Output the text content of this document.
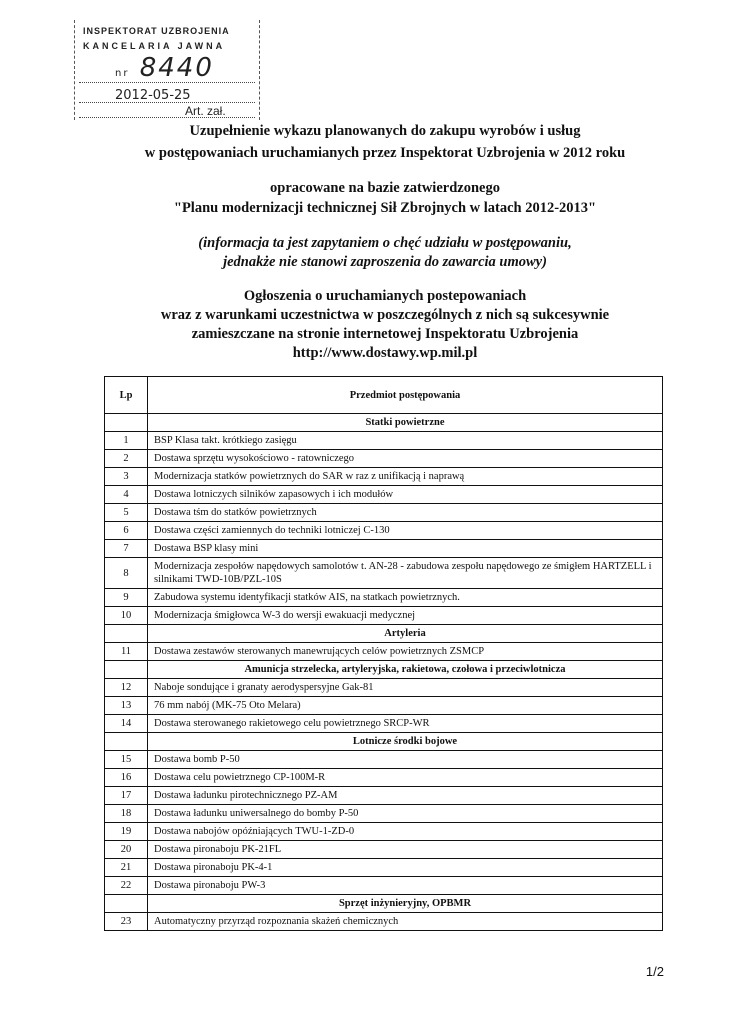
INSPEKTORAT UZBROJENIA
KANCELARIA JAWNA
nr 8440
2012-05-25
Art. zał.

Uzupełnienie wykazu planowanych do zakupu wyrobów i usług

w postępowaniach uruchamianych przez Inspektorat Uzbrojenia w 2012 roku

opracowane na bazie zatwierdzonego

"Planu modernizacji technicznej Sił Zbrojnych w latach 2012-2013"

(informacja ta jest zapytaniem o chęć udziału w postępowaniu,

jednakże nie stanowi zaproszenia do zawarcia umowy)

Ogłoszenia o uruchamianych postepowaniach

wraz z warunkami uczestnictwa w poszczególnych z nich są sukcesywnie

zamieszczane na stronie internetowej Inspektoratu Uzbrojenia

http://www.dostawy.wp.mil.pl

Lp	Przedmiot postępowania
	Statki powietrzne
1	BSP Klasa takt. krótkiego zasięgu
2	Dostawa sprzętu wysokościowo - ratowniczego
3	Modernizacja statków powietrznych do SAR w raz z unifikacją i naprawą
4	Dostawa lotniczych silników zapasowych i ich modułów
5	Dostawa tśm do statków powietrznych
6	Dostawa części zamiennych do techniki lotniczej C-130
7	Dostawa BSP klasy mini
8	Modernizacja zespołów napędowych samolotów t. AN-28 - zabudowa zespołu napędowego ze śmigłem HARTZELL i silnikami TWD-10B/PZL-10S
9	Zabudowa systemu identyfikacji statków AIS, na statkach powietrznych.
10	Modernizacja śmigłowca W-3 do wersji ewakuacji medycznej
	Artyleria
11	Dostawa zestawów sterowanych manewrujących celów powietrznych ZSMCP
	Amunicja strzelecka, artyleryjska, rakietowa, czołowa i przeciwlotnicza
12	Naboje sondujące i granaty aerodyspersyjne Gak-81
13	76 mm nabój (MK-75 Oto Melara)
14	Dostawa sterowanego rakietowego celu powietrznego SRCP-WR
	Lotnicze środki bojowe
15	Dostawa bomb P-50
16	Dostawa celu powietrznego CP-100M-R
17	Dostawa ładunku pirotechnicznego PZ-AM
18	Dostawa ładunku uniwersalnego do bomby P-50
19	Dostawa nabojów opóźniających TWU-1-ZD-0
20	Dostawa pironaboju PK-21FL
21	Dostawa pironaboju PK-4-1
22	Dostawa pironaboju PW-3
	Sprzęt inżynieryjny, OPBMR
23	Automatyczny przyrząd rozpoznania skażeń chemicznych
1/2
